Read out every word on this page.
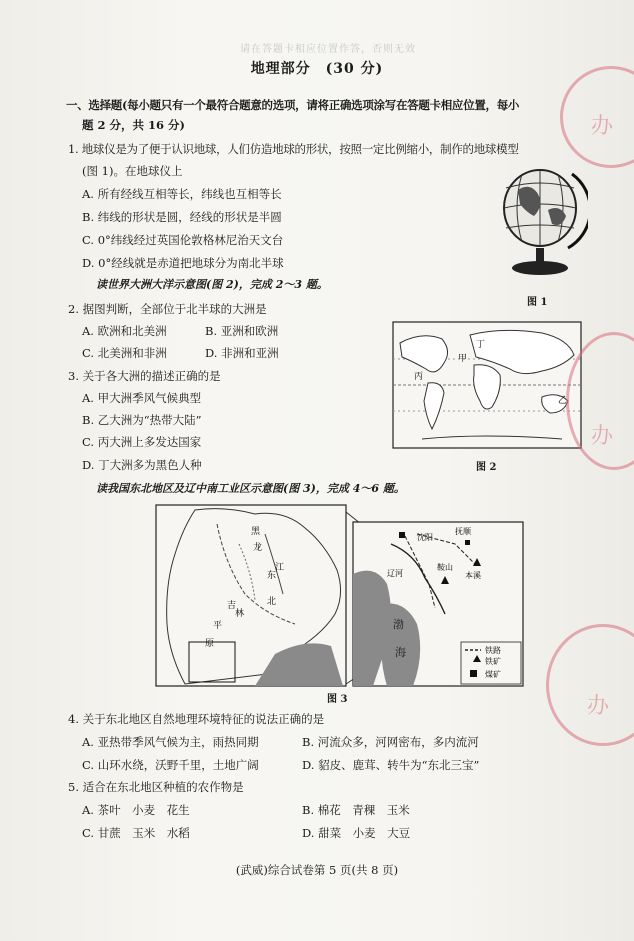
请在答题卡相应位置作答，否则无效
地理部分　(30 分)
一、选择题(每小题只有一个最符合题意的选项，请将正确选项涂写在答题卡相应位置，每小
题 2 分，共 16 分)
1. 地球仪是为了便于认识地球，人们仿造地球的形状，按照一定比例缩小，制作的地球模型
(图 1)。在地球仪上
A. 所有经线互相等长，纬线也互相等长
B. 纬线的形状是圆，经线的形状是半圆
C. 0°纬线经过英国伦敦格林尼治天文台
D. 0°经线就是赤道把地球分为南北半球
读世界大洲大洋示意图(图 2)，完成 2～3 题。
图 1
2. 据图判断，全部位于北半球的大洲是
A. 欧洲和北美洲	B. 亚洲和欧洲
C. 北美洲和非洲	D. 非洲和亚洲	甲
乙
丙
丁
图 2
3. 关于各大洲的描述正确的是
A. 甲大洲季风气候典型
B. 乙大洲为“热带大陆”
C. 丙大洲上多发达国家
D. 丁大洲多为黑色人种
读我国东北地区及辽中南工业区示意图(图 3)，完成 4～6 题。
黑
龙
江
吉
林
东
北
平
原
抚顺
沈阳
鞍山
本溪
辽河
渤
海	铁路
铁矿
煤矿
图 3
4. 关于东北地区自然地理环境特征的说法正确的是
A. 亚热带季风气候为主，雨热同期	B. 河流众多，河网密布，多内流河
C. 山环水绕，沃野千里，土地广阔	D. 貂皮、鹿茸、转牛为“东北三宝”
5. 适合在东北地区种植的农作物是
A. 茶叶　小麦　花生	B. 棉花　青稞　玉米
C. 甘蔗　玉米　水稻	D. 甜菜　小麦　大豆
(武威)综合试卷第 5 页(共 8 页)
办
办
办
